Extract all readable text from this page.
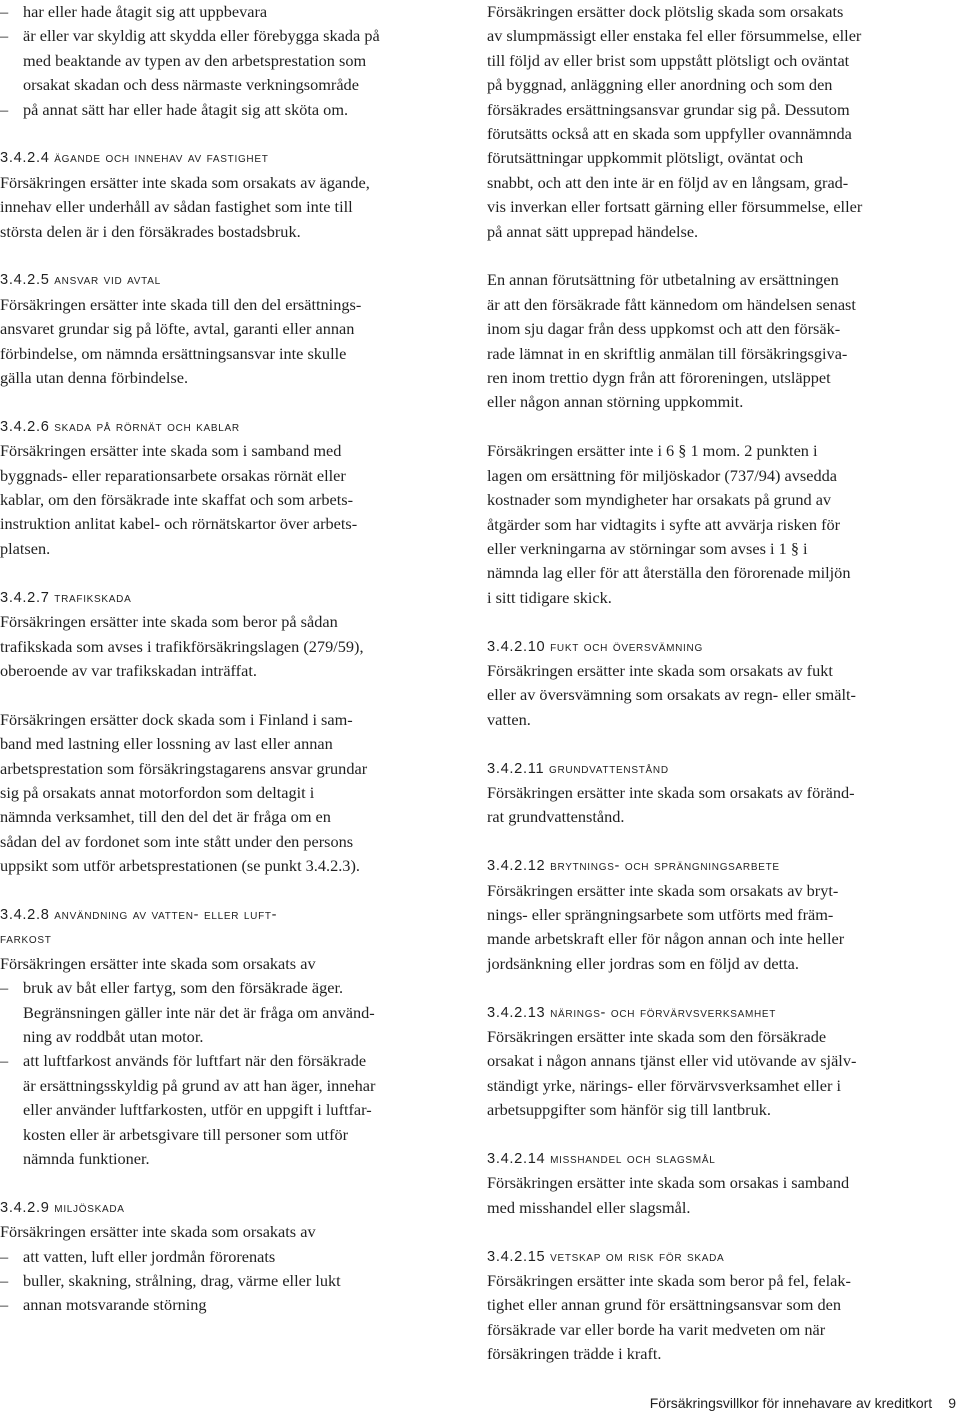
– har eller hade åtagit sig att uppbevara
– är eller var skyldig att skydda eller förebygga skada på
med beaktande av typen av den arbetsprestation som
orsakat skadan och dess närmaste verkningsområde
– på annat sätt har eller hade åtagit sig att sköta om.

3.4.2.4 ägande och innehav av fastighet

Försäkringen ersätter inte skada som orsakats av ägande,

innehav eller underhåll av sådan fastighet som inte till

största delen är i den försäkrades bostadsbruk.

3.4.2.5 ansvar vid avtal

Försäkringen ersätter inte skada till den del ersättnings-

ansvaret grundar sig på löfte, avtal, garanti eller annan

förbindelse, om nämnda ersättningsansvar inte skulle

gälla utan denna förbindelse.

3.4.2.6 skada på rörnät och kablar

Försäkringen ersätter inte skada som i samband med

byggnads- eller reparationsarbete orsakas rörnät eller

kablar, om den försäkrade inte skaffat och som arbets-

instruktion anlitat kabel- och rörnätskartor över arbets-

platsen.

3.4.2.7 trafikskada

Försäkringen ersätter inte skada som beror på sådan

trafikskada som avses i trafikförsäkringslagen (279/59),

oberoende av var trafikskadan inträffat.

Försäkringen ersätter dock skada som i Finland i sam-

band med lastning eller lossning av last eller annan

arbetsprestation som försäkringstagarens ansvar grundar

sig på orsakats annat motorfordon som deltagit i

nämnda verksamhet, till den del det är fråga om en

sådan del av fordonet som inte stått under den persons

uppsikt som utför arbetsprestationen (se punkt 3.4.2.3).

3.4.2.8 användning av vatten- eller luft-

farkost

Försäkringen ersätter inte skada som orsakats av

– bruk av båt eller fartyg, som den försäkrade äger.
Begränsningen gäller inte när det är fråga om använd-
ning av roddbåt utan motor.
– att luftfarkost används för luftfart när den försäkrade
är ersättningsskyldig på grund av att han äger, innehar
eller använder luftfarkosten, utför en uppgift i luftfar-
kosten eller är arbetsgivare till personer som utför
nämnda funktioner.

3.4.2.9 miljöskada

Försäkringen ersätter inte skada som orsakats av

– att vatten, luft eller jordmån förorenats
– buller, skakning, strålning, drag, värme eller lukt
– annan motsvarande störning

Försäkringen ersätter dock plötslig skada som orsakats

av slumpmässigt eller enstaka fel eller försummelse, eller

till följd av eller brist som uppstått plötsligt och oväntat

på byggnad, anläggning eller anordning och som den

försäkrades ersättningsansvar grundar sig på. Dessutom

förutsätts också att en skada som uppfyller ovannämnda

förutsättningar uppkommit plötsligt, oväntat och

snabbt, och att den inte är en följd av en långsam, grad-

vis inverkan eller fortsatt gärning eller försummelse, eller

på annat sätt upprepad händelse.

En annan förutsättning för utbetalning av ersättningen

är att den försäkrade fått kännedom om händelsen senast

inom sju dagar från dess uppkomst och att den försäk-

rade lämnat in en skriftlig anmälan till försäkringsgiva-

ren inom trettio dygn från att föroreningen, utsläppet

eller någon annan störning uppkommit.

Försäkringen ersätter inte i 6 § 1 mom. 2 punkten i

lagen om ersättning för miljöskador (737/94) avsedda

kostnader som myndigheter har orsakats på grund av

åtgärder som har vidtagits i syfte att avvärja risken för

eller verkningarna av störningar som avses i 1 § i

nämnda lag eller för att återställa den förorenade miljön

i sitt tidigare skick.

3.4.2.10 fukt och översvämning

Försäkringen ersätter inte skada som orsakats av fukt

eller av översvämning som orsakats av regn- eller smält-

vatten.

3.4.2.11 grundvattenstånd

Försäkringen ersätter inte skada som orsakats av föränd-

rat grundvattenstånd.

3.4.2.12 brytnings- och sprängningsarbete

Försäkringen ersätter inte skada som orsakats av bryt-

nings- eller sprängningsarbete som utförts med främ-

mande arbetskraft eller för någon annan och inte heller

jordsänkning eller jordras som en följd av detta.

3.4.2.13 närings- och förvärvsverksamhet

Försäkringen ersätter inte skada som den försäkrade

orsakat i någon annans tjänst eller vid utövande av själv-

ständigt yrke, närings- eller förvärvsverksamhet eller i

arbetsuppgifter som hänför sig till lantbruk.

3.4.2.14 misshandel och slagsmål

Försäkringen ersätter inte skada som orsakas i samband

med misshandel eller slagsmål.

3.4.2.15 vetskap om risk för skada

Försäkringen ersätter inte skada som beror på fel, felak-

tighet eller annan grund för ersättningsansvar som den

försäkrade var eller borde ha varit medveten om när

försäkringen trädde i kraft.

Försäkringsvillkor för innehavare av kreditkort 9
